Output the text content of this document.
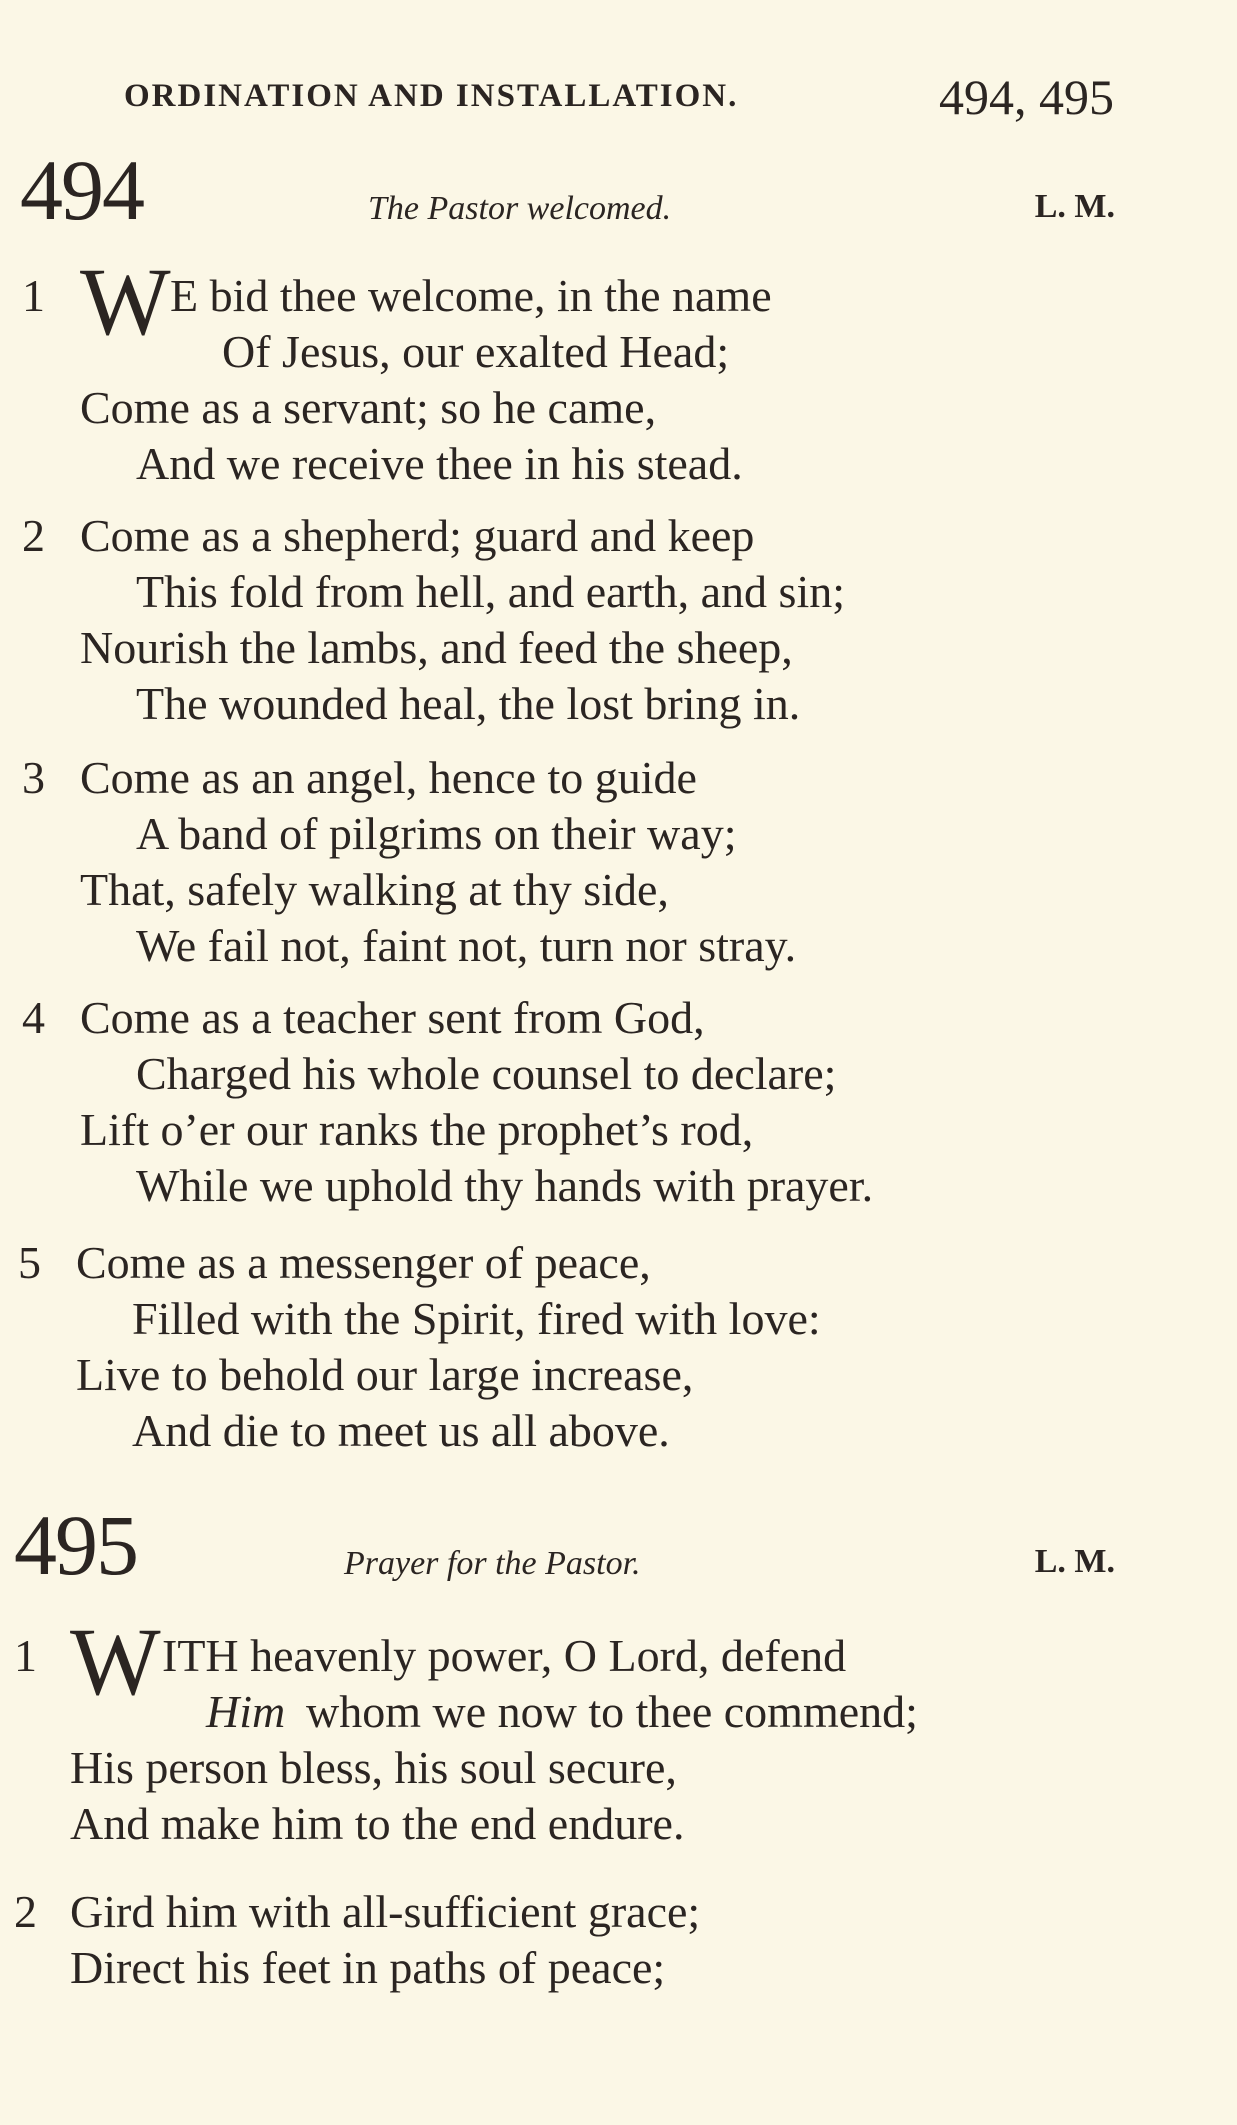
ORDINATION AND INSTALLATION.	494, 495
494	The Pastor welcomed.	L. M.
1 W E bid thee welcome, in the name
Of Jesus, our exalted Head;
Come as a servant; so he came,
And we receive thee in his stead.
2 Come as a shepherd; guard and keep
This fold from hell, and earth, and sin;
Nourish the lambs, and feed the sheep,
The wounded heal, the lost bring in.
3 Come as an angel, hence to guide
A band of pilgrims on their way;
That, safely walking at thy side,
We fail not, faint not, turn nor stray.
4 Come as a teacher sent from God,
Charged his whole counsel to declare;
Lift o’er our ranks the prophet’s rod,
While we uphold thy hands with prayer.
5 Come as a messenger of peace,
Filled with the Spirit, fired with love:
Live to behold our large increase,
And die to meet us all above.
495	Prayer for the Pastor.	L. M.
1 W ITH heavenly power, O Lord, defend
Him whom we now to thee commend;
His person bless, his soul secure,
And make him to the end endure.
2 Gird him with all-sufficient grace;
Direct his feet in paths of peace;
